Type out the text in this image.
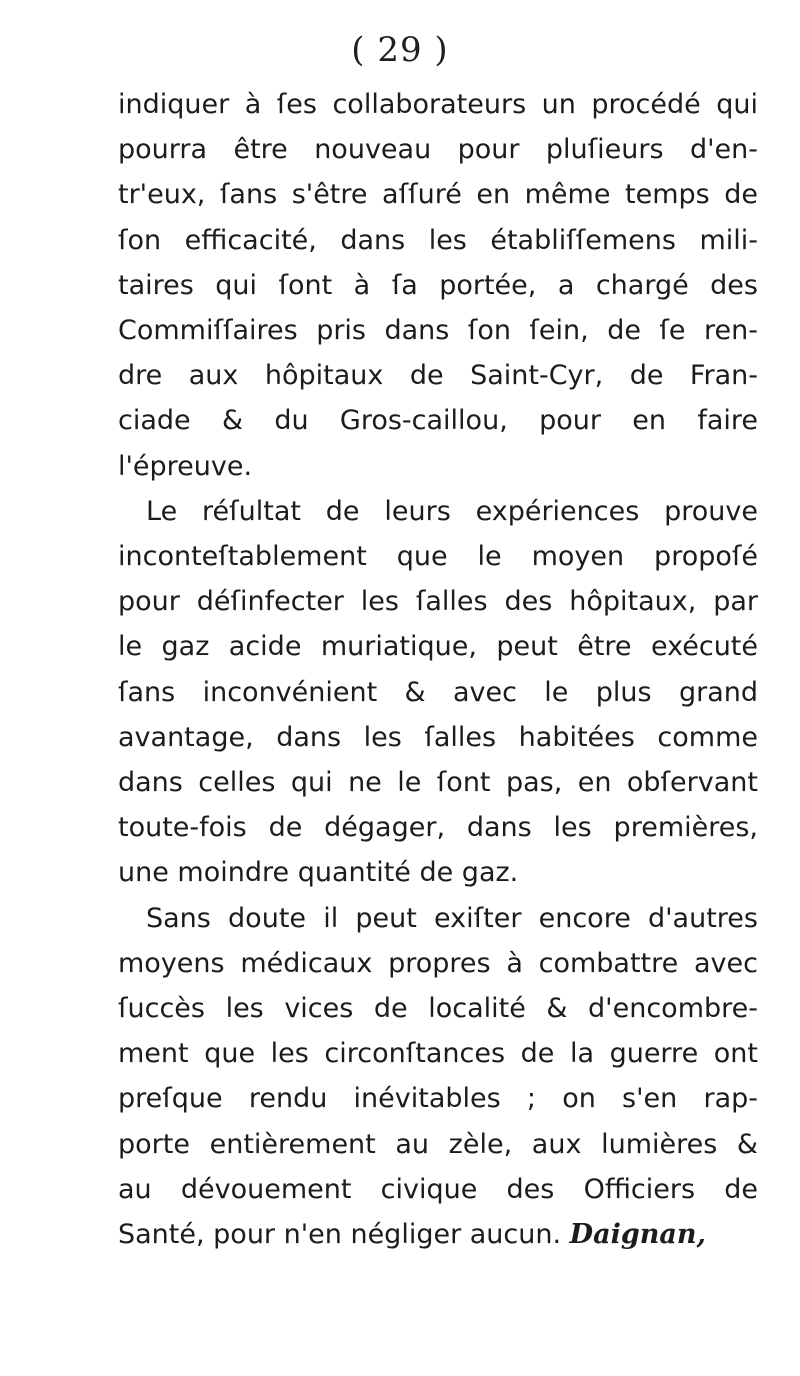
( 29 )
indiquer à ſes collaborateurs un procédé qui
pourra être nouveau pour pluſieurs d'en-
tr'eux, ſans s'être aſſuré en même temps de
ſon efficacité, dans les établiſſemens mili-
taires qui ſont à ſa portée, a chargé des
Commiſſaires pris dans ſon ſein, de ſe ren-
dre aux hôpitaux de Saint-Cyr, de Fran-
ciade & du Gros-caillou, pour en faire
l'épreuve.
Le réſultat de leurs expériences prouve
inconteſtablement que le moyen propoſé
pour déſinfecter les ſalles des hôpitaux, par
le gaz acide muriatique, peut être exécuté
ſans inconvénient & avec le plus grand
avantage, dans les ſalles habitées comme
dans celles qui ne le ſont pas, en obſervant
toute-fois de dégager, dans les premières,
une moindre quantité de gaz.
Sans doute il peut exiſter encore d'autres
moyens médicaux propres à combattre avec
ſuccès les vices de localité & d'encombre-
ment que les circonſtances de la guerre ont
preſque rendu inévitables ; on s'en rap-
porte entièrement au zèle, aux lumières &
au dévouement civique des Officiers de
Santé, pour n'en négliger aucun. Daignan,
